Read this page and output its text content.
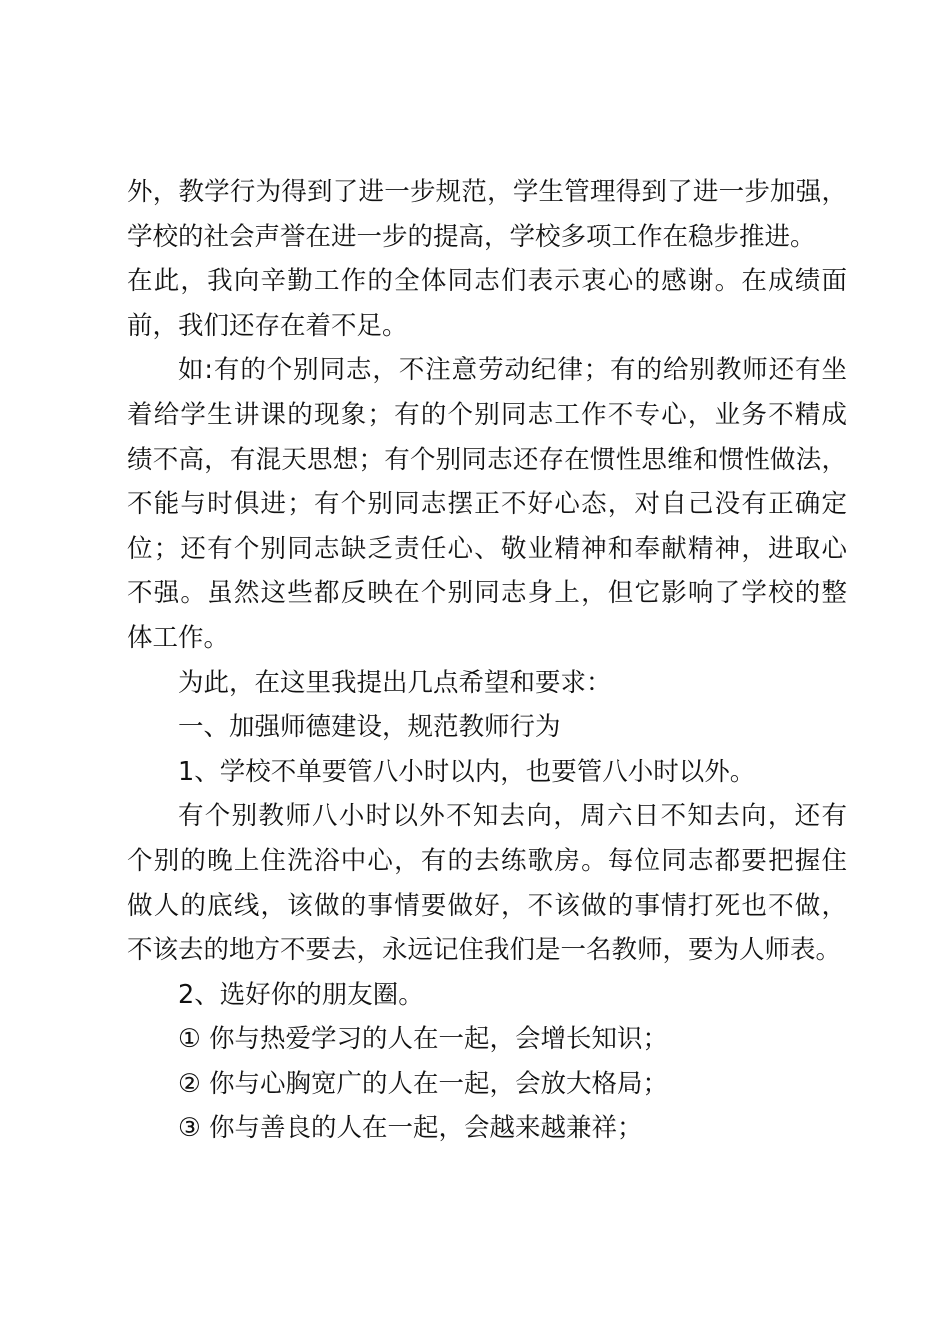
外，教学行为得到了进一步规范，学生管理得到了进一步加强，
学校的社会声誉在进一步的提高，学校多项工作在稳步推进。
在此，我向辛勤工作的全体同志们表示衷心的感谢。在成绩面
前，我们还存在着不足。
如:有的个别同志，不注意劳动纪律；有的给别教师还有坐
着给学生讲课的现象；有的个别同志工作不专心，业务不精成
绩不高，有混天思想；有个别同志还存在惯性思维和惯性做法，
不能与时俱进；有个别同志摆正不好心态，对自己没有正确定
位；还有个别同志缺乏责任心、敬业精神和奉献精神，进取心
不强。虽然这些都反映在个别同志身上，但它影响了学校的整
体工作。
为此，在这里我提出几点希望和要求：
一、加强师德建设，规范教师行为
1、学校不单要管八小时以内，也要管八小时以外。
有个别教师八小时以外不知去向，周六日不知去向，还有
个别的晚上住洗浴中心，有的去练歌房。每位同志都要把握住
做人的底线，该做的事情要做好，不该做的事情打死也不做，
不该去的地方不要去，永远记住我们是一名教师，要为人师表。
2、选好你的朋友圈。
① 你与热爱学习的人在一起，会增长知识；
② 你与心胸宽广的人在一起，会放大格局；
③ 你与善良的人在一起，会越来越兼祥；
